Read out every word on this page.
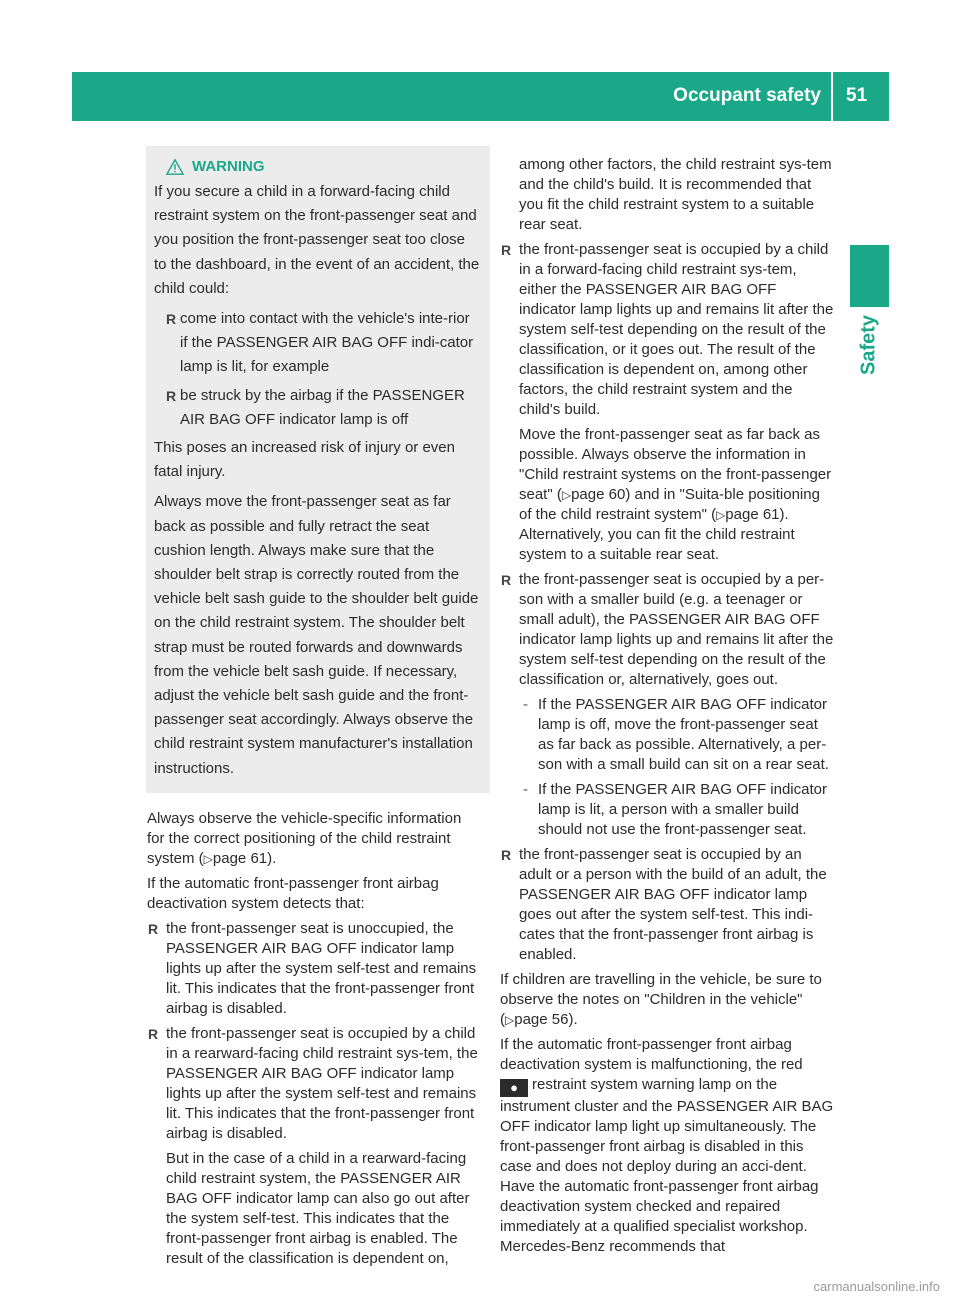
Occupant safety 51
Safety
WARNING
If you secure a child in a forward-facing child restraint system on the front-passenger seat and you position the front-passenger seat too close to the dashboard, in the event of an accident, the child could:
R come into contact with the vehicle's inte-rior if the PASSENGER AIR BAG OFF indi-cator lamp is lit, for example
R be struck by the airbag if the PASSENGER AIR BAG OFF indicator lamp is off
This poses an increased risk of injury or even fatal injury.
Always move the front-passenger seat as far back as possible and fully retract the seat cushion length. Always make sure that the shoulder belt strap is correctly routed from the vehicle belt sash guide to the shoulder belt guide on the child restraint system. The shoulder belt strap must be routed forwards and downwards from the vehicle belt sash guide. If necessary, adjust the vehicle belt sash guide and the front-passenger seat accordingly. Always observe the child restraint system manufacturer's installation instructions.
Always observe the vehicle-specific information for the correct positioning of the child restraint system (▷page 61).
If the automatic front-passenger front airbag deactivation system detects that:
R the front-passenger seat is unoccupied, the PASSENGER AIR BAG OFF indicator lamp lights up after the system self-test and remains lit. This indicates that the front-passenger front airbag is disabled.
R the front-passenger seat is occupied by a child in a rearward-facing child restraint sys-tem, the PASSENGER AIR BAG OFF indicator lamp lights up after the system self-test and remains lit. This indicates that the front-passenger front airbag is disabled.
But in the case of a child in a rearward-facing child restraint system, the PASSENGER AIR BAG OFF indicator lamp can also go out after the system self-test. This indicates that the front-passenger front airbag is enabled. The result of the classification is dependent on,
among other factors, the child restraint sys-tem and the child's build. It is recommended that you fit the child restraint system to a suitable rear seat.
R the front-passenger seat is occupied by a child in a forward-facing child restraint sys-tem, either the PASSENGER AIR BAG OFF indicator lamp lights up and remains lit after the system self-test depending on the result of the classification, or it goes out. The result of the classification is dependent on, among other factors, the child restraint system and the child's build.
Move the front-passenger seat as far back as possible. Always observe the information in "Child restraint systems on the front-passenger seat" (▷page 60) and in "Suita-ble positioning of the child restraint system" (▷page 61). Alternatively, you can fit the child restraint system to a suitable rear seat.
R the front-passenger seat is occupied by a per-son with a smaller build (e.g. a teenager or small adult), the PASSENGER AIR BAG OFF indicator lamp lights up and remains lit after the system self-test depending on the result of the classification or, alternatively, goes out.
- If the PASSENGER AIR BAG OFF indicator lamp is off, move the front-passenger seat as far back as possible. Alternatively, a per-son with a small build can sit on a rear seat.
- If the PASSENGER AIR BAG OFF indicator lamp is lit, a person with a smaller build should not use the front-passenger seat.
R the front-passenger seat is occupied by an adult or a person with the build of an adult, the PASSENGER AIR BAG OFF indicator lamp goes out after the system self-test. This indi-cates that the front-passenger front airbag is enabled.
If children are travelling in the vehicle, be sure to observe the notes on "Children in the vehicle" (▷page 56).
If the automatic front-passenger front airbag deactivation system is malfunctioning, the red ● restraint system warning lamp on the instrument cluster and the PASSENGER AIR BAG OFF indicator lamp light up simultaneously. The front-passenger front airbag is disabled in this case and does not deploy during an acci-dent. Have the automatic front-passenger front airbag deactivation system checked and repaired immediately at a qualified specialist workshop. Mercedes-Benz recommends that
carmanualsonline.info
